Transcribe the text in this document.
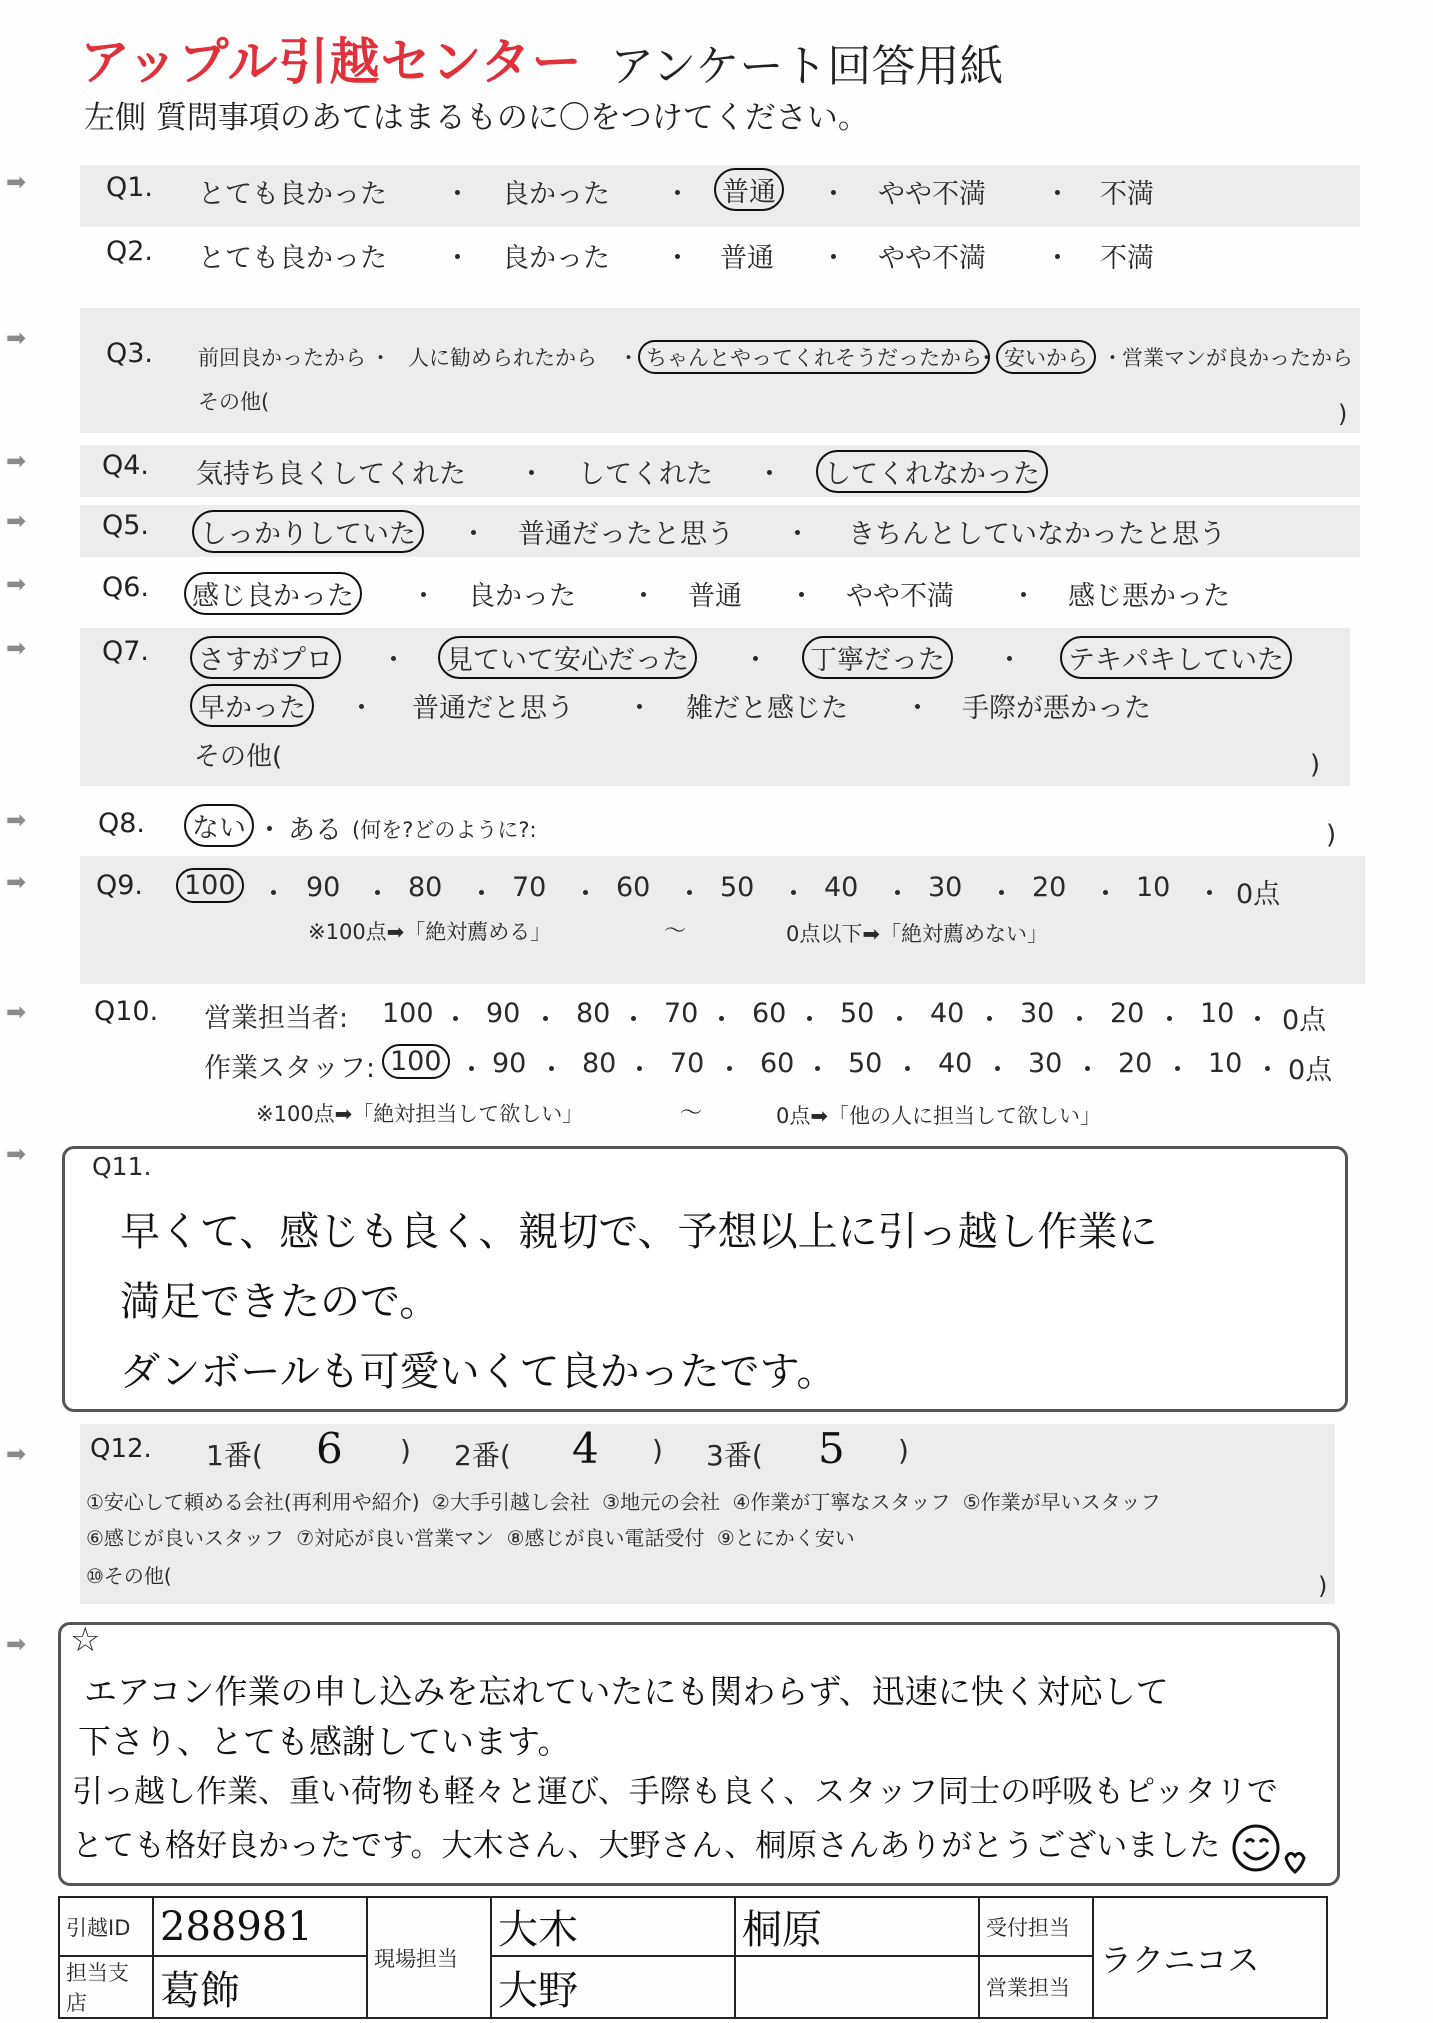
アップル引越センター アンケート回答用紙
左側 質問事項のあてはまるものに〇をつけてください。
➡
➡
➡
➡
➡
➡
➡
➡
➡
➡
➡
➡
Q1. とても良かった ・ 良かった ・ 普通 ・ やや不満 ・ 不満
Q2. とても良かった ・ 良かった ・ 普通 ・ やや不満 ・ 不満
Q3. 前回良かったから ・ 人に勧められたから ・ ちゃんとやってくれそうだったから
・ 安いから ・ 営業マンが良かったから
その他(	)
Q4. 気持ち良くしてくれた ・ してくれた ・ してくれなかった
Q5. しっかりしていた ・ 普通だったと思う ・ きちんとしていなかったと思う
Q6. 感じ良かった ・ 良かった ・ 普通 ・ やや不満 ・ 感じ悪かった
Q7. さすがプロ ・ 見ていて安心だった ・ 丁寧だった ・ テキパキしていた
早かった ・ 普通だと思う ・ 雑だと感じた ・ 手際が悪かった
その他(	)
Q8. ない ・ ある (何を?どのように?:	)
Q9. 100 ・ 90 ・ 80 ・ 70 ・ 60 ・ 50 ・ 40 ・ 30 ・ 20 ・ 10 ・ 0点
※100点➡「絶対薦める」	～	0点以下➡「絶対薦めない」
Q10. 営業担当者: 100 ・ 90 ・ 80 ・ 70 ・ 60 ・ 50 ・ 40 ・ 30 ・ 20 ・ 10 ・ 0点
作業スタッフ: 100 ・ 90 ・ 80 ・ 70 ・ 60 ・ 50 ・ 40 ・ 30 ・ 20 ・ 10 ・ 0点
※100点➡「絶対担当して欲しい」	～	0点➡「他の人に担当して欲しい」
Q11.
早くて、感じも良く、親切で、予想以上に引っ越し作業に
満足できたので。
ダンボールも可愛いくて良かったです。
Q12. 1番( 6 ) 2番( 4 ) 3番( 5 )
①安心して頼める会社(再利用や紹介) ②大手引越し会社 ③地元の会社 ④作業が丁寧なスタッフ ⑤作業が早いスタッフ
⑥感じが良いスタッフ ⑦対応が良い営業マン ⑧感じが良い電話受付 ⑨とにかく安い
⑩その他(	)
☆
エアコン作業の申し込みを忘れていたにも関わらず、迅速に快く対応して
下さり、とても感謝しています。
引っ越し作業、重い荷物も軽々と運び、手際も良く、スタッフ同士の呼吸もピッタリで
とても格好良かったです。大木さん、大野さん、桐原さんありがとうございました
引越ID	288981	現場担当	大木	桐原	受付担当	ラクニコス
担当支店	葛飾		大野		営業担当	
